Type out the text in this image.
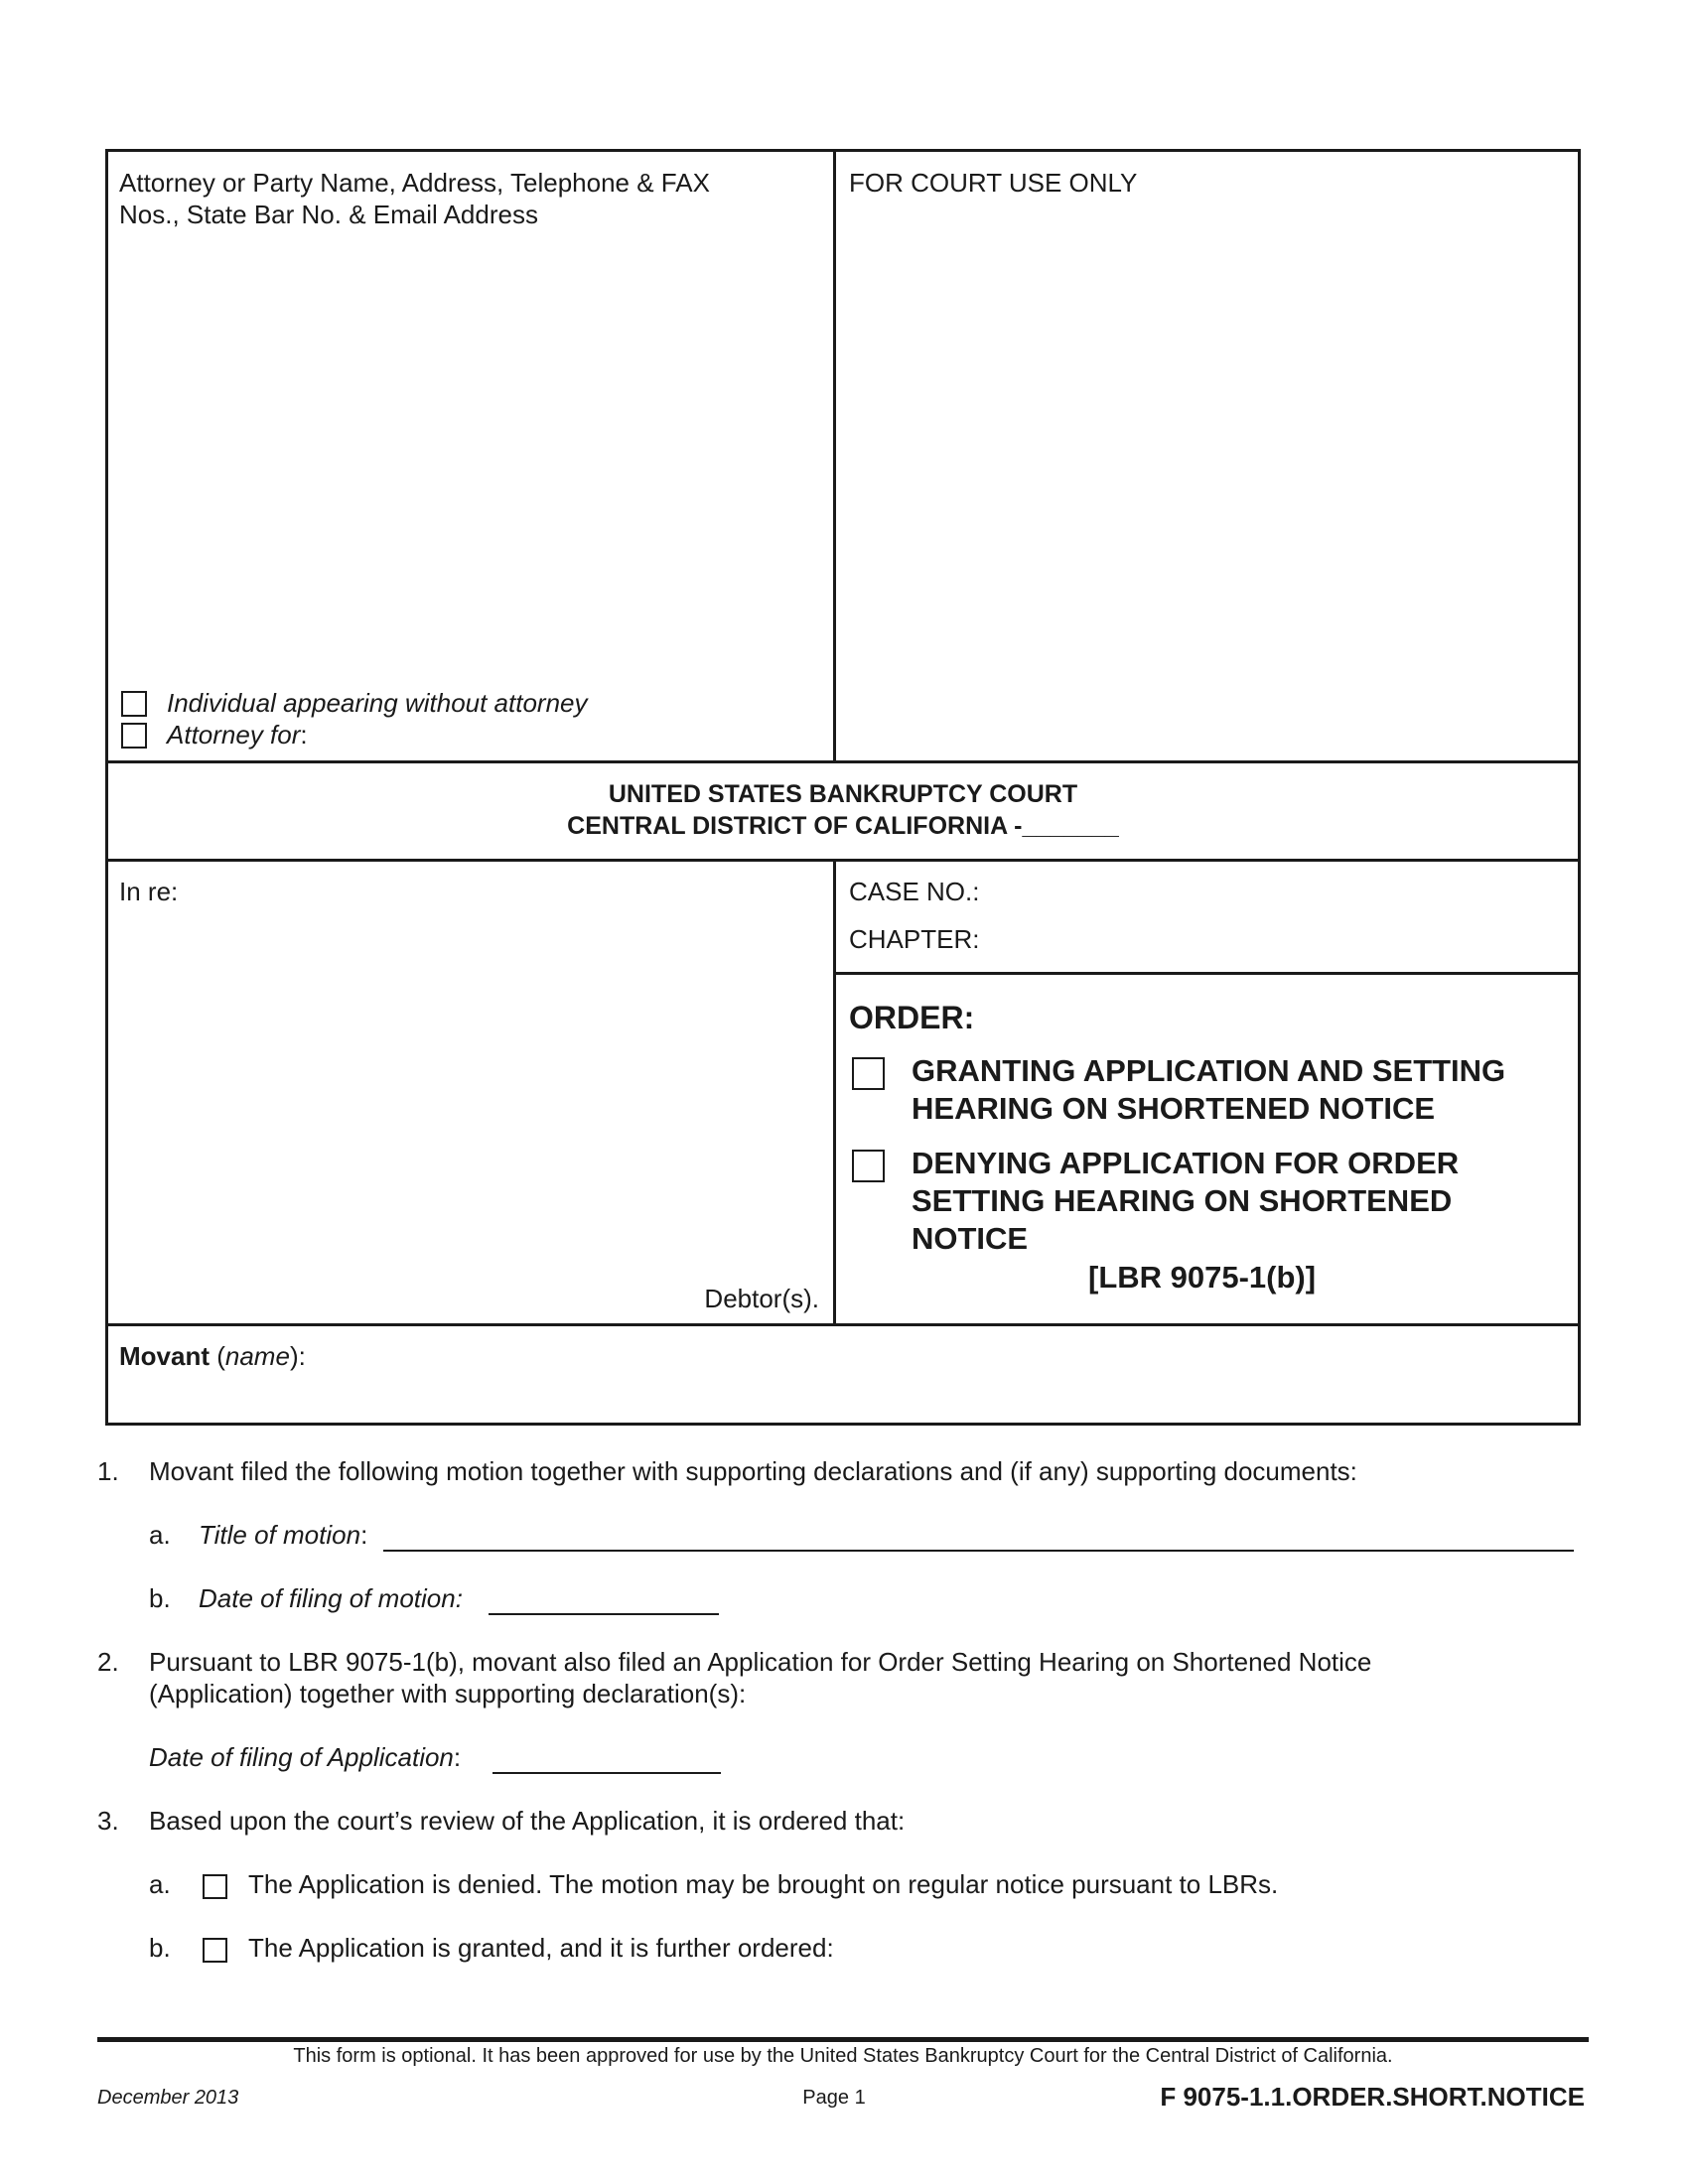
Attorney or Party Name, Address, Telephone & FAX
Nos., State Bar No. & Email Address
Individual appearing without attorney
Attorney for:
FOR COURT USE ONLY
UNITED STATES BANKRUPTCY COURT
CENTRAL DISTRICT OF CALIFORNIA -_______
In re:
Debtor(s).
CASE NO.:
CHAPTER:
ORDER:
GRANTING APPLICATION AND SETTING
HEARING ON SHORTENED NOTICE
DENYING APPLICATION FOR ORDER
SETTING HEARING ON SHORTENED
NOTICE
[LBR 9075-1(b)]
Movant (name):
1. Movant filed the following motion together with supporting declarations and (if any) supporting documents:
a. Title of motion:
b. Date of filing of motion:
2. Pursuant to LBR 9075-1(b), movant also filed an Application for Order Setting Hearing on Shortened Notice
(Application) together with supporting declaration(s):
Date of filing of Application:
3. Based upon the court’s review of the Application, it is ordered that:
a.	The Application is denied. The motion may be brought on regular notice pursuant to LBRs.
b.	The Application is granted, and it is further ordered:
This form is optional. It has been approved for use by the United States Bankruptcy Court for the Central District of California.
December 2013	Page 1	F 9075-1.1.ORDER.SHORT.NOTICE
